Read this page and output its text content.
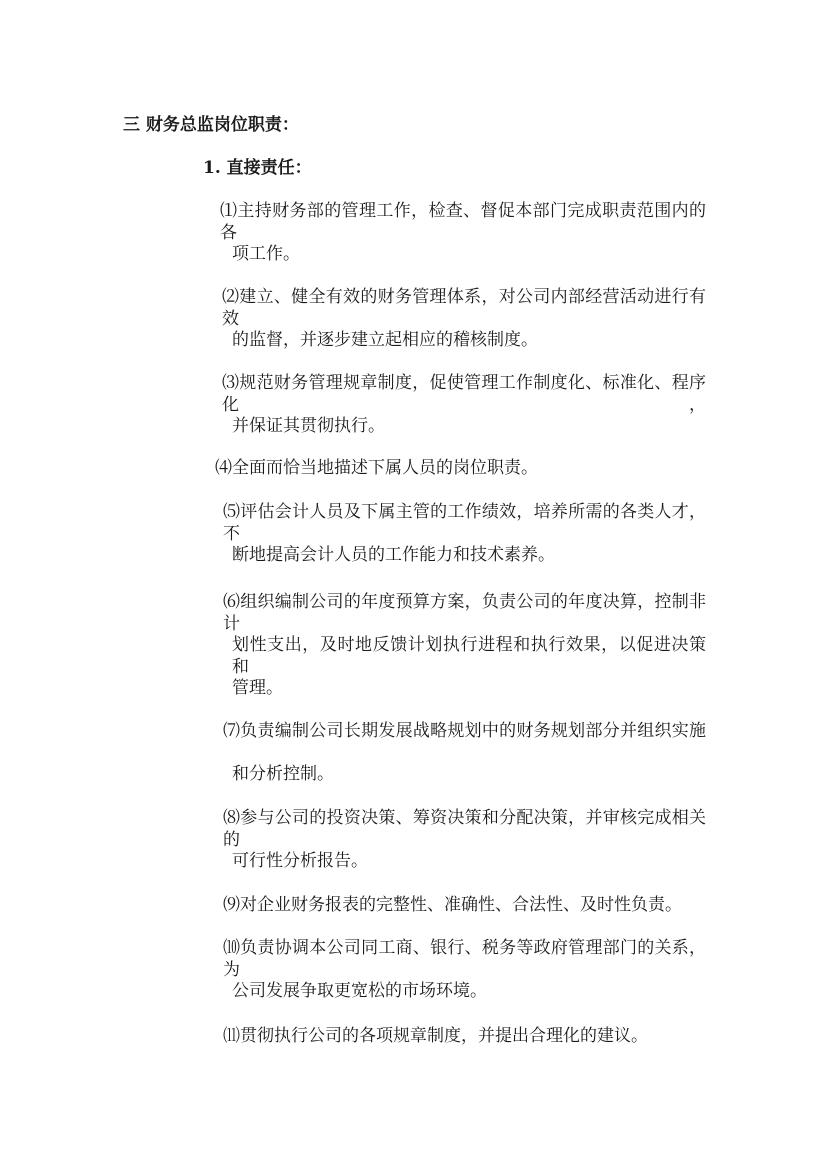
三 财务总监岗位职责：
1. 直接责任：
⑴主持财务部的管理工作，检查、督促本部门完成职责范围内的各
项工作。
⑵建立、健全有效的财务管理体系，对公司内部经营活动进行有效
的监督，并逐步建立起相应的稽核制度。
⑶规范财务管理规章制度，促使管理工作制度化、标准化、程序化，
并保证其贯彻执行。
⑷全面而恰当地描述下属人员的岗位职责。
⑸评估会计人员及下属主管的工作绩效，培养所需的各类人才，不
断地提高会计人员的工作能力和技术素养。
⑹组织编制公司的年度预算方案，负责公司的年度决算，控制非计
划性支出，及时地反馈计划执行进程和执行效果，以促进决策和
管理。
⑺负责编制公司长期发展战略规划中的财务规划部分并组织实施
和分析控制。
⑻参与公司的投资决策、筹资决策和分配决策，并审核完成相关的
可行性分析报告。
⑼对企业财务报表的完整性、准确性、合法性、及时性负责。
⑽负责协调本公司同工商、银行、税务等政府管理部门的关系，为
公司发展争取更宽松的市场环境。
⑾贯彻执行公司的各项规章制度，并提出合理化的建议。
